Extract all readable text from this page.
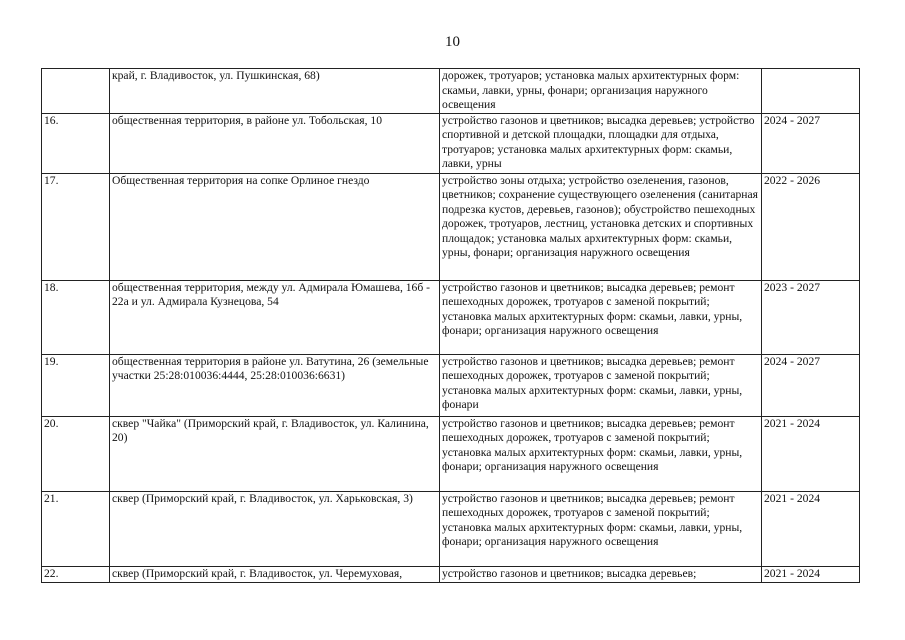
10
	край, г. Владивосток, ул. Пушкинская, 68)	дорожек, тротуаров; установка малых архитектурных форм: скамьи, лавки, урны, фонари; организация наружного освещения	
16.	общественная территория, в районе ул. Тобольская, 10	устройство газонов и цветников; высадка деревьев; устройство спортивной и детской площадки, площадки для отдыха, тротуаров; установка малых архитектурных форм: скамьи, лавки, урны	2024 - 2027
17.	Общественная территория на сопке Орлиное гнездо	устройство зоны отдыха; устройство озеленения, газонов, цветников; сохранение существующего озеленения (санитарная подрезка кустов, деревьев, газонов); обустройство пешеходных дорожек, тротуаров, лестниц, установка детских и спортивных площадок; установка малых архитектурных форм: скамьи, урны, фонари; организация наружного освещения	2022 - 2026
18.	общественная территория, между ул. Адмирала Юмашева, 16б - 22а и ул. Адмирала Кузнецова, 54	устройство газонов и цветников; высадка деревьев; ремонт пешеходных дорожек, тротуаров с заменой покрытий; установка малых архитектурных форм: скамьи, лавки, урны, фонари; организация наружного освещения	2023 - 2027
19.	общественная территория в районе ул. Ватутина, 26 (земельные участки 25:28:010036:4444, 25:28:010036:6631)	устройство газонов и цветников; высадка деревьев; ремонт пешеходных дорожек, тротуаров с заменой покрытий; установка малых архитектурных форм: скамьи, лавки, урны, фонари	2024 - 2027
20.	сквер "Чайка" (Приморский край, г. Владивосток, ул. Калинина, 20)	устройство газонов и цветников; высадка деревьев; ремонт пешеходных дорожек, тротуаров с заменой покрытий; установка малых архитектурных форм: скамьи, лавки, урны, фонари; организация наружного освещения	2021 - 2024
21.	сквер (Приморский край, г. Владивосток, ул. Харьковская, 3)	устройство газонов и цветников; высадка деревьев; ремонт пешеходных дорожек, тротуаров с заменой покрытий; установка малых архитектурных форм: скамьи, лавки, урны, фонари; организация наружного освещения	2021 - 2024
22.	сквер (Приморский край, г. Владивосток, ул. Черемуховая,	устройство газонов и цветников; высадка деревьев;	2021 - 2024
